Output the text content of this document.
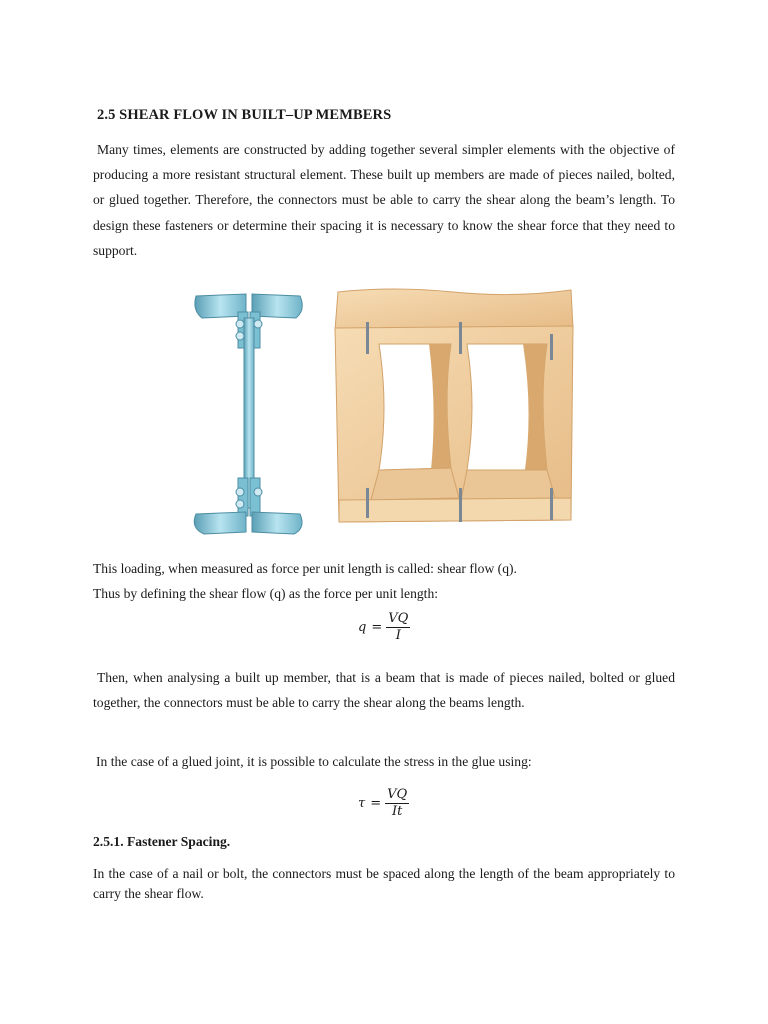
2.5 SHEAR FLOW IN BUILT–UP MEMBERS

Many times, elements are constructed by adding together several simpler elements with the objective of producing a more resistant structural element. These built up members are made of pieces nailed, bolted, or glued together. Therefore, the connectors must be able to carry the shear along the beam’s length. To design these fasteners or determine their spacing it is necessary to know the shear force that they need to support.

This loading, when measured as force per unit length is called: shear flow (q).

Thus by defining the shear flow (q) as the force per unit length:

$q = \frac{VQ}{I}$

Then, when analysing a built up member, that is a beam that is made of pieces nailed, bolted or glued together, the connectors must be able to carry the shear along the beams length.

In the case of a glued joint, it is possible to calculate the stress in the glue using:

$\tau = \frac{VQ}{It}$
2.5.1. Fastener Spacing.

In the case of a nail or bolt, the connectors must be spaced along the length of the beam appropriately to carry the shear flow.
